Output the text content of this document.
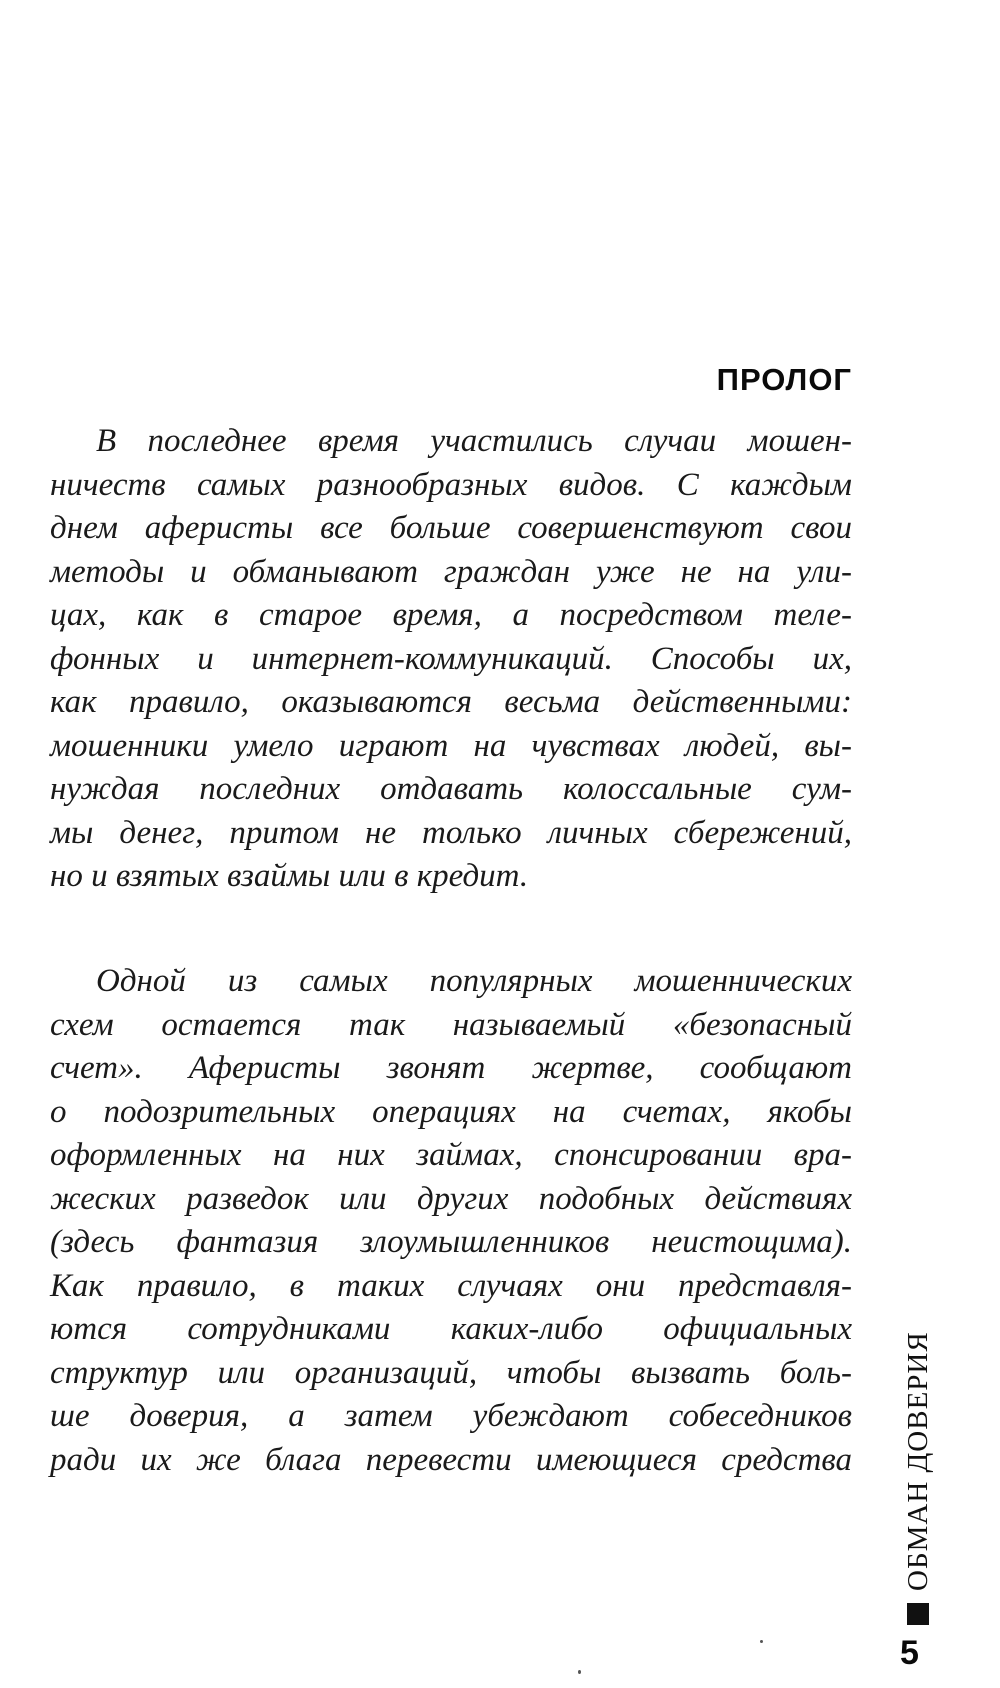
ПРОЛОГ

В последнее время участились случаи мошен-
ничеств самых разнообразных видов. С каждым
днем аферисты все больше совершенствуют свои
методы и обманывают граждан уже не на ули-
цах, как в старое время, а посредством теле-
фонных и интернет-коммуникаций. Способы их,
как правило, оказываются весьма действенными:
мошенники умело играют на чувствах людей, вы-
нуждая последних отдавать колоссальные сум-
мы денег, притом не только личных сбережений,
но и взятых взаймы или в кредит.

Одной из самых популярных мошеннических
схем остается так называемый «безопасный
счет». Аферисты звонят жертве, сообщают
о подозрительных операциях на счетах, якобы
оформленных на них займах, спонсировании вра-
жеских разведок или других подобных действиях
(здесь фантазия злоумышленников неистощима).
Как правило, в таких случаях они представля-
ются сотрудниками каких-либо официальных
структур или организаций, чтобы вызвать боль-
ше доверия, а затем убеждают собеседников
ради их же блага перевести имеющиеся средства ОБМАН ДОВЕРИЯ
5
